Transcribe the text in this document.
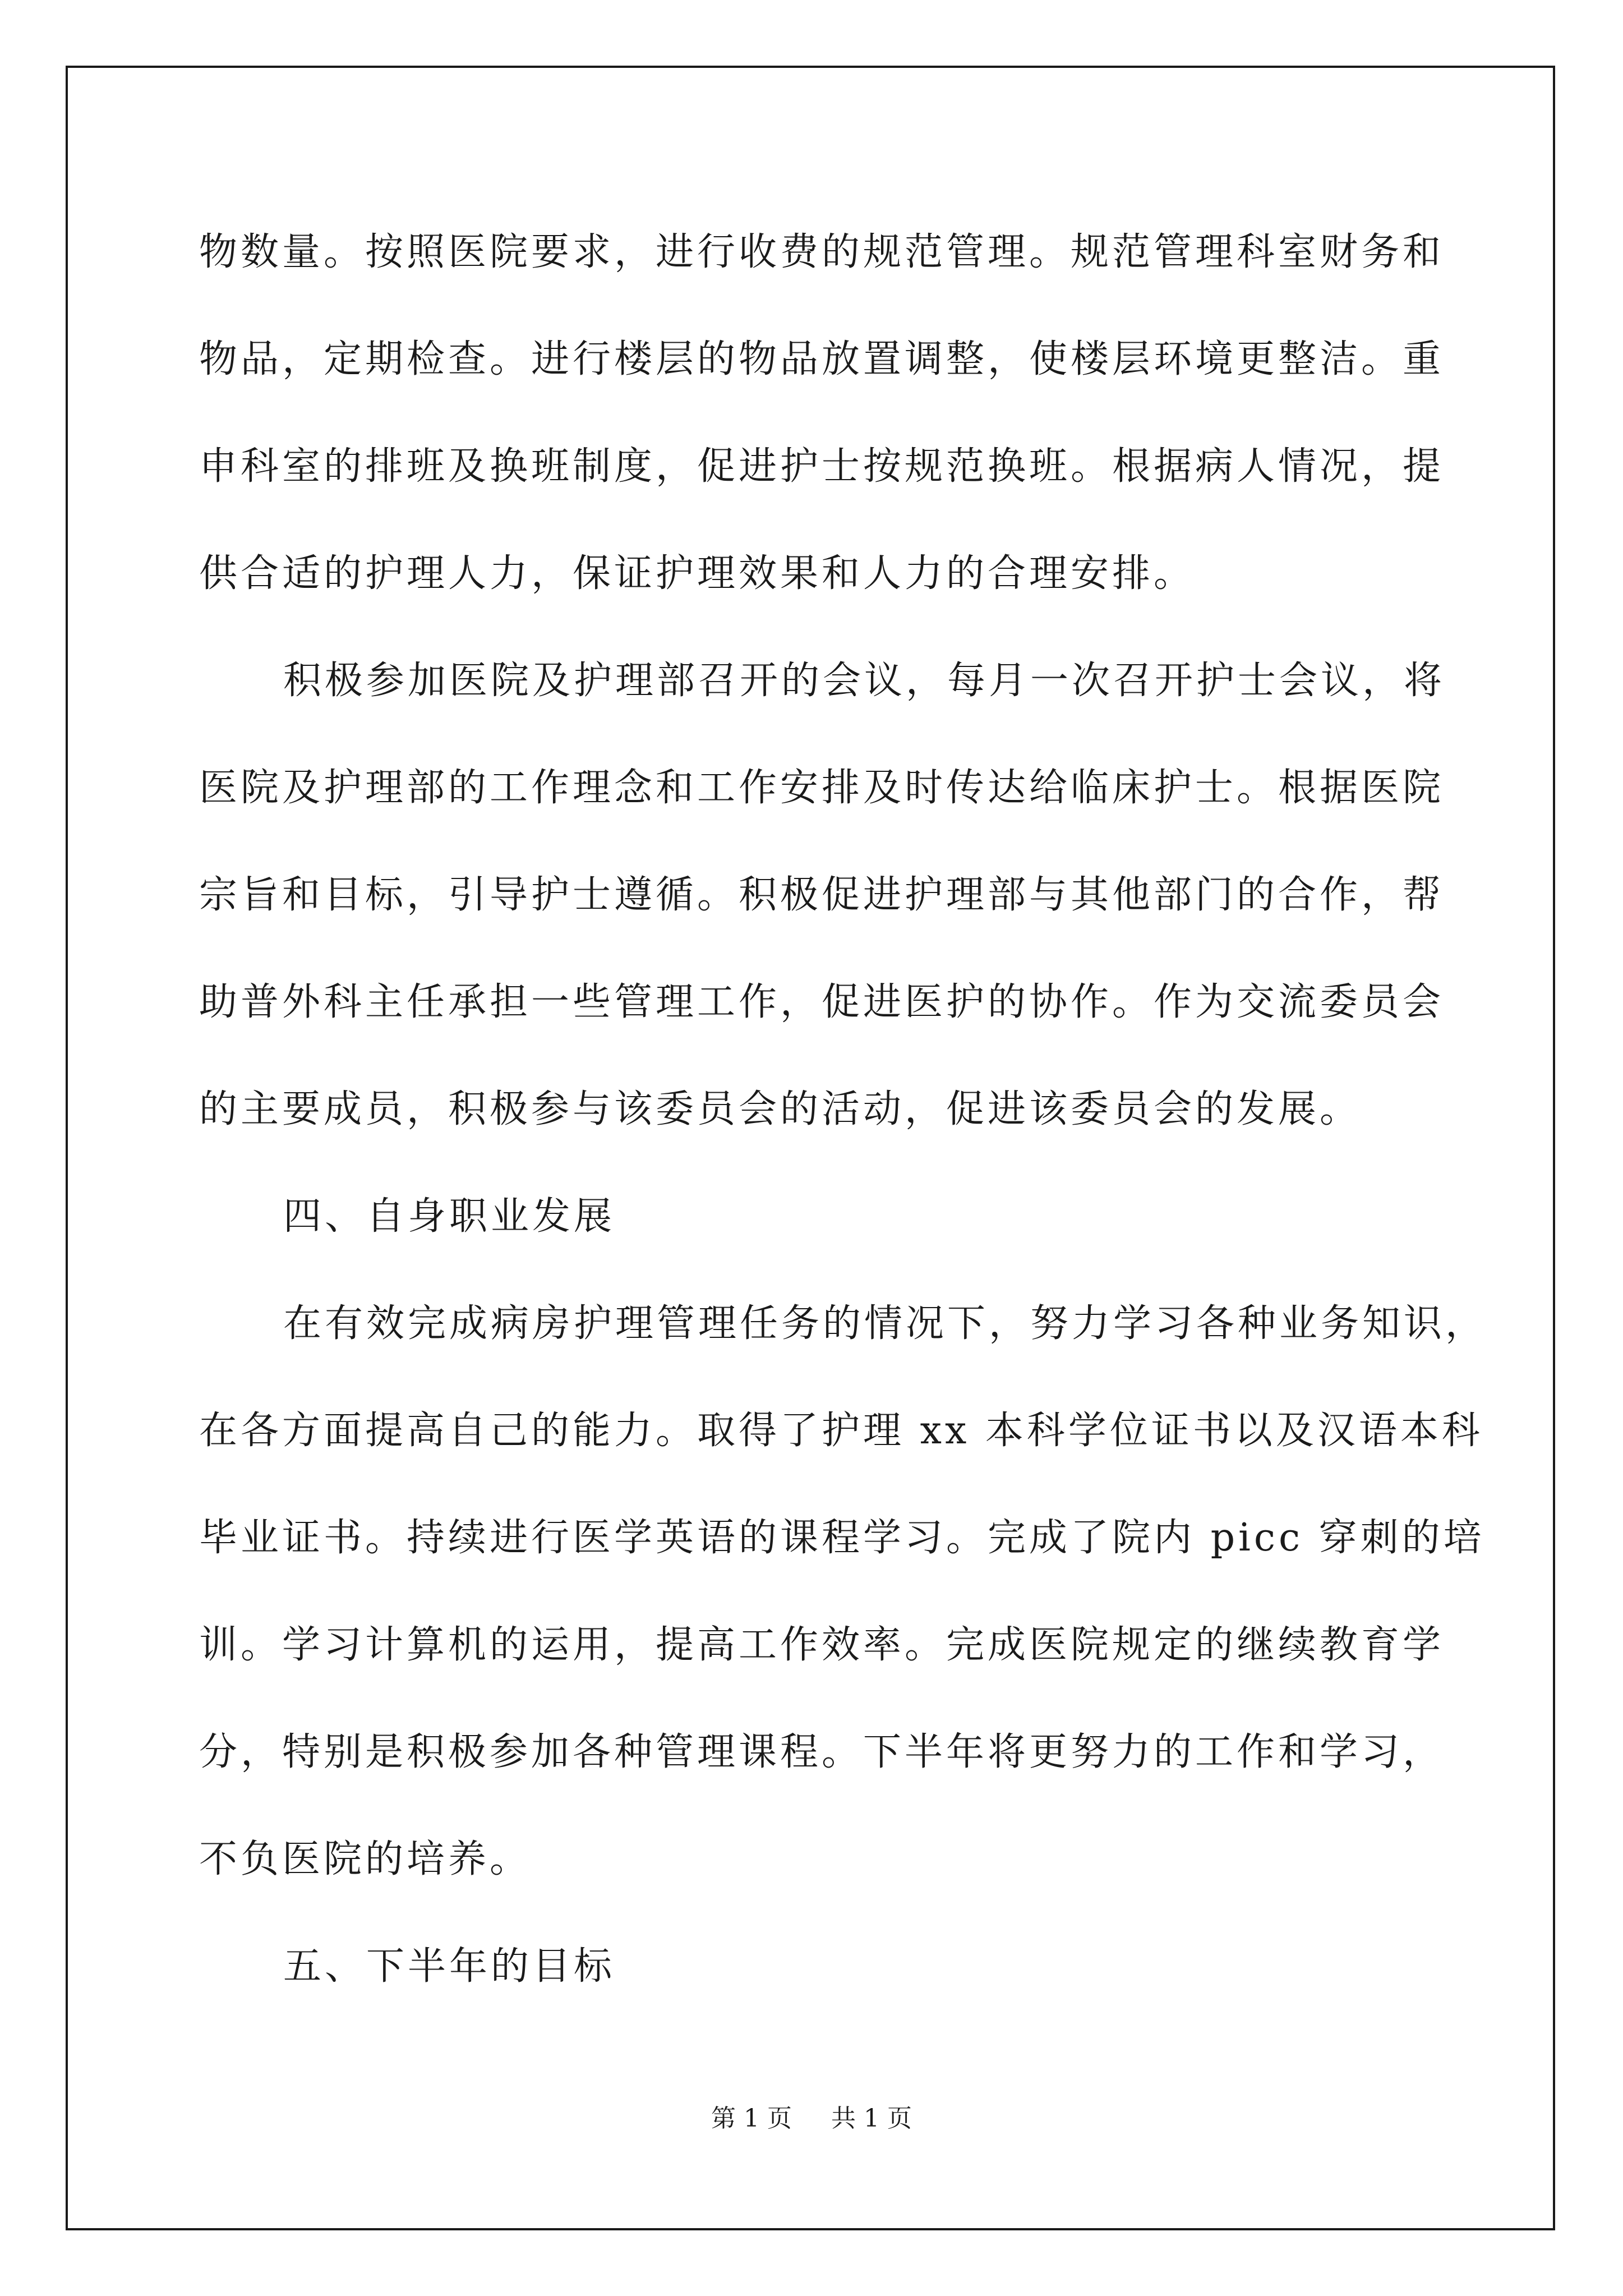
物数量。按照医院要求，进行收费的规范管理。规范管理科室财务和
物品，定期检查。进行楼层的物品放置调整，使楼层环境更整洁。重
申科室的排班及换班制度，促进护士按规范换班。根据病人情况，提
供合适的护理人力，保证护理效果和人力的合理安排。
积极参加医院及护理部召开的会议，每月一次召开护士会议，将
医院及护理部的工作理念和工作安排及时传达给临床护士。根据医院
宗旨和目标，引导护士遵循。积极促进护理部与其他部门的合作，帮
助普外科主任承担一些管理工作，促进医护的协作。作为交流委员会
的主要成员，积极参与该委员会的活动，促进该委员会的发展。
四、自身职业发展
在有效完成病房护理管理任务的情况下，努力学习各种业务知识，
在各方面提高自己的能力。取得了护理 xx 本科学位证书以及汉语本科
毕业证书。持续进行医学英语的课程学习。完成了院内 picc 穿刺的培
训。学习计算机的运用，提高工作效率。完成医院规定的继续教育学
分，特别是积极参加各种管理课程。下半年将更努力的工作和学习，
不负医院的培养。
五、下半年的目标
第 1 页 共 1 页
